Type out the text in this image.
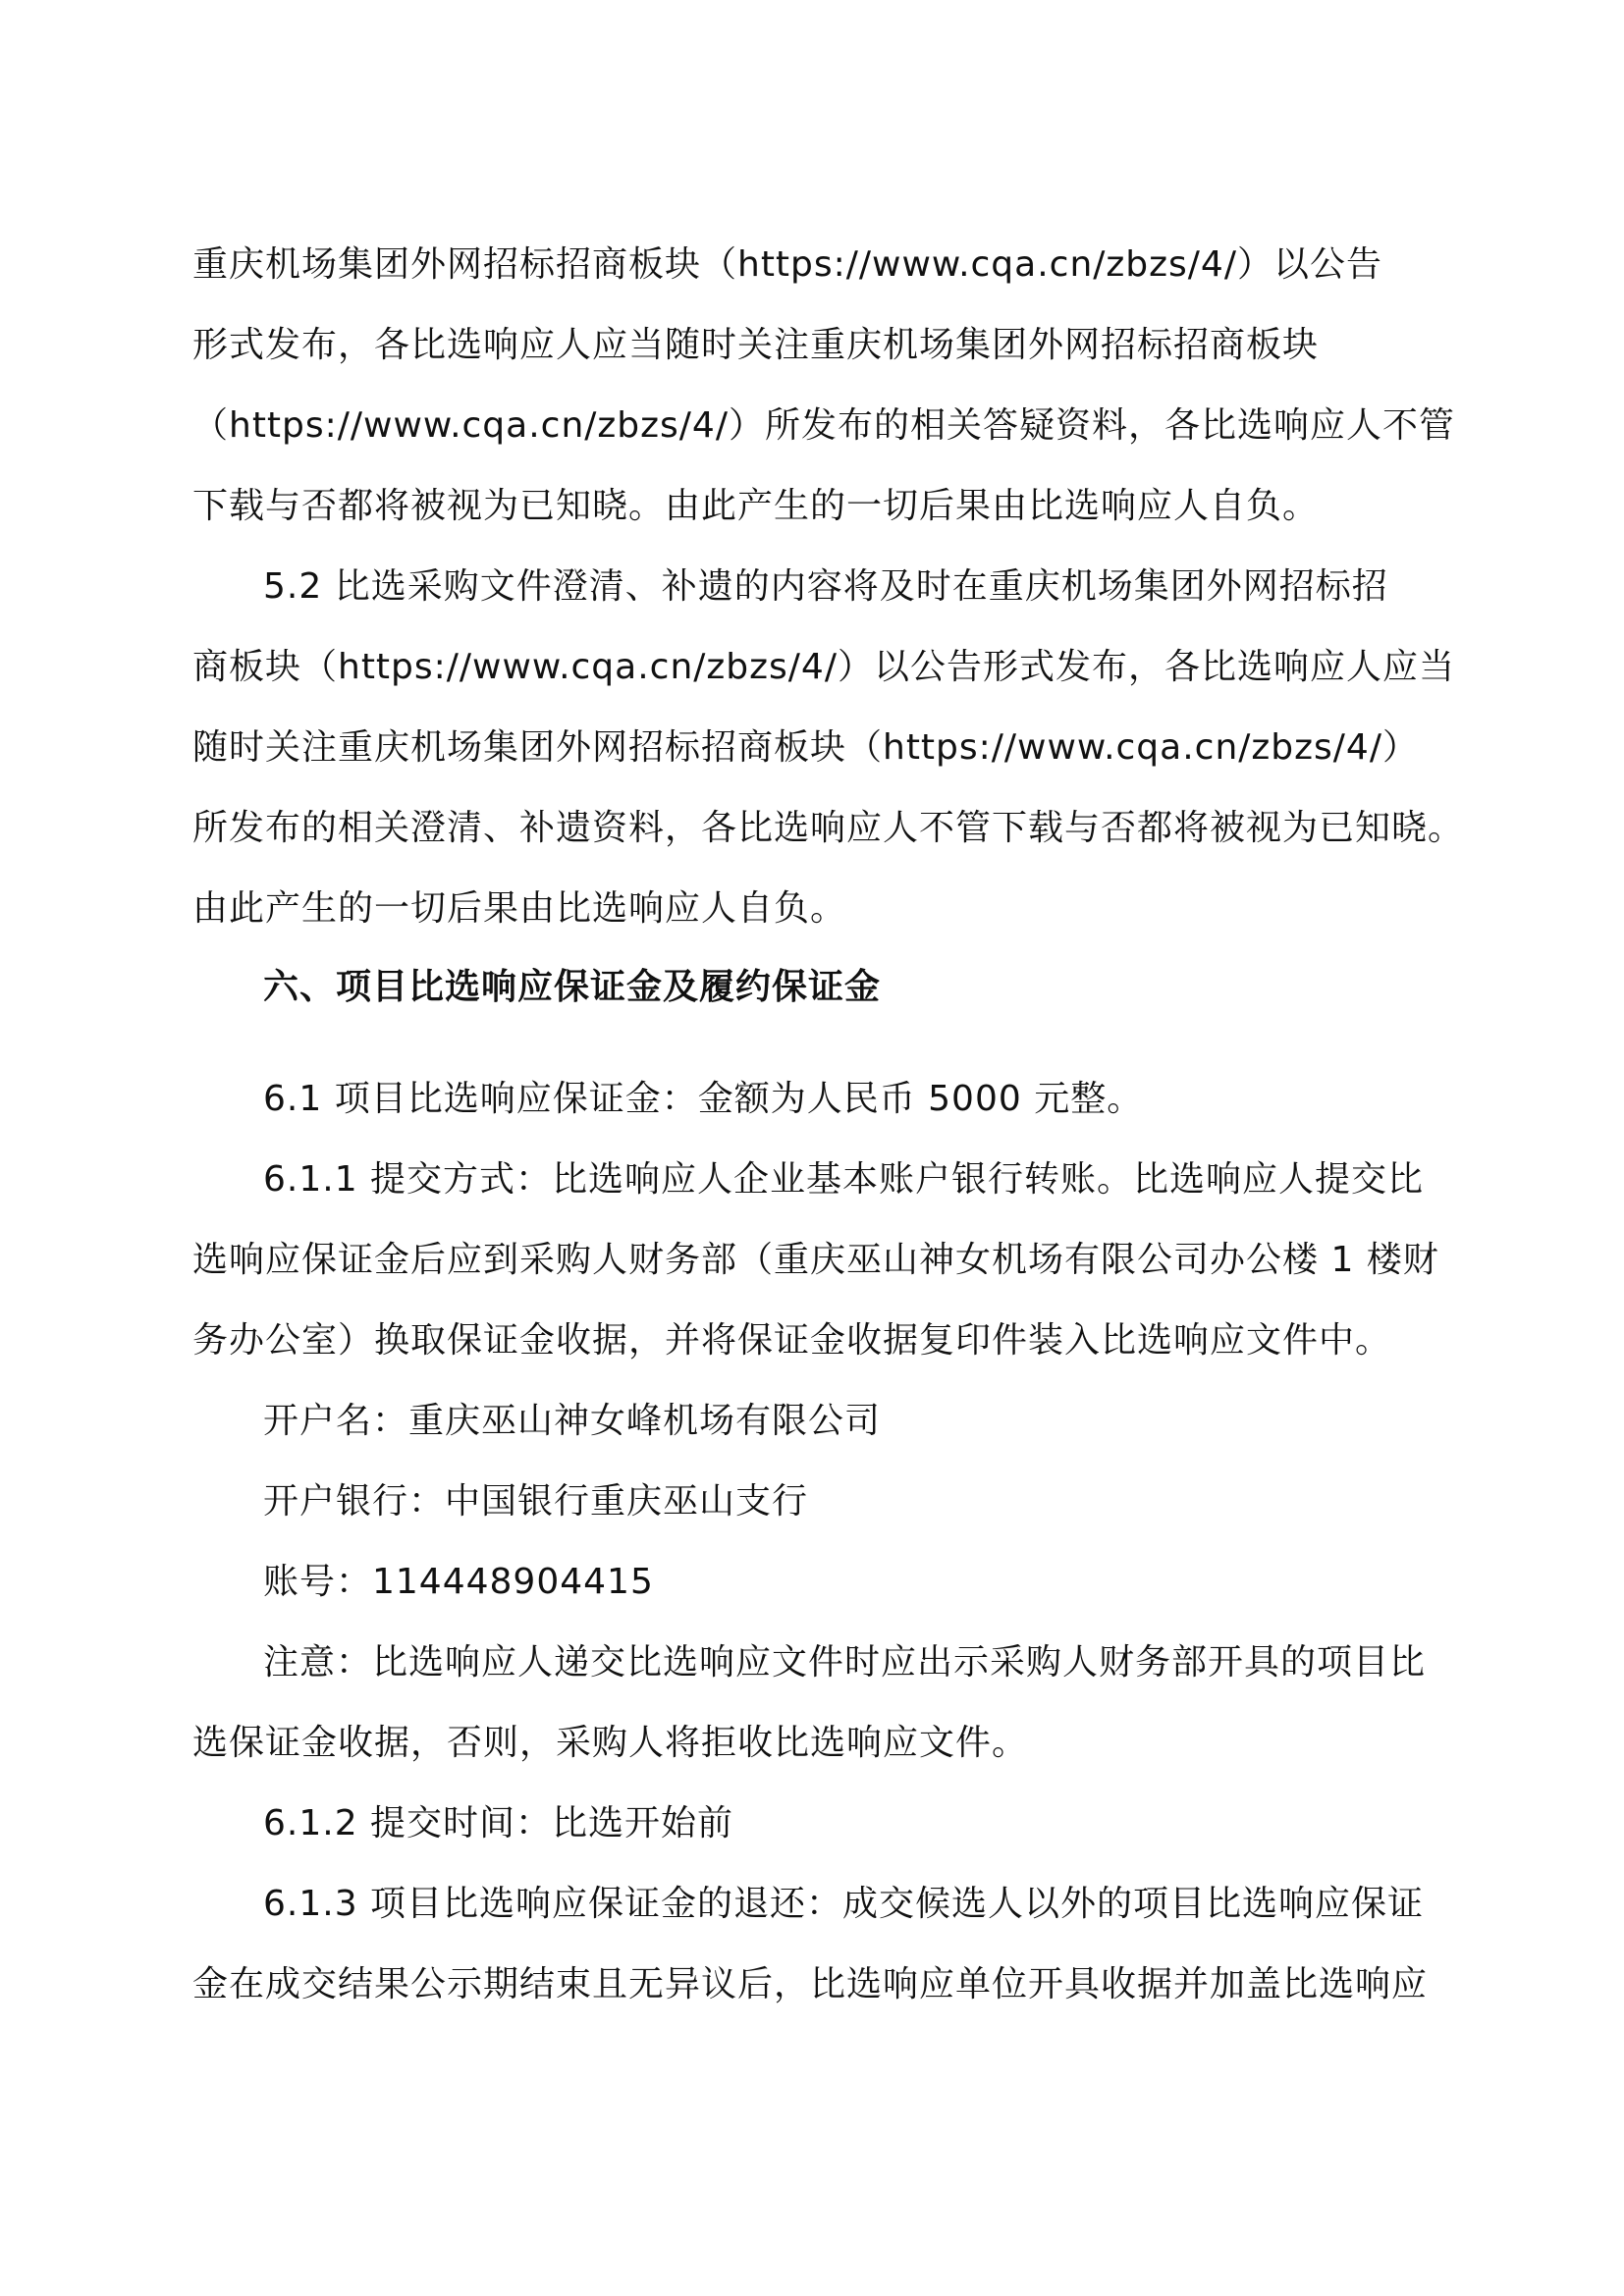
重庆机场集团外网招标招商板块（https://www.cqa.cn/zbzs/4/）以公告
形式发布，各比选响应人应当随时关注重庆机场集团外网招标招商板块
（https://www.cqa.cn/zbzs/4/）所发布的相关答疑资料，各比选响应人不管
下载与否都将被视为已知晓。由此产生的一切后果由比选响应人自负。
5.2 比选采购文件澄清、补遗的内容将及时在重庆机场集团外网招标招
商板块（https://www.cqa.cn/zbzs/4/）以公告形式发布，各比选响应人应当
随时关注重庆机场集团外网招标招商板块（https://www.cqa.cn/zbzs/4/）
所发布的相关澄清、补遗资料，各比选响应人不管下载与否都将被视为已知晓。
由此产生的一切后果由比选响应人自负。
六、项目比选响应保证金及履约保证金
6.1 项目比选响应保证金：金额为人民币 5000 元整。
6.1.1 提交方式：比选响应人企业基本账户银行转账。比选响应人提交比
选响应保证金后应到采购人财务部（重庆巫山神女机场有限公司办公楼 1 楼财
务办公室）换取保证金收据，并将保证金收据复印件装入比选响应文件中。
开户名：重庆巫山神女峰机场有限公司
开户银行：中国银行重庆巫山支行
账号：114448904415
注意：比选响应人递交比选响应文件时应出示采购人财务部开具的项目比
选保证金收据，否则，采购人将拒收比选响应文件。
6.1.2 提交时间：比选开始前
6.1.3 项目比选响应保证金的退还：成交候选人以外的项目比选响应保证
金在成交结果公示期结束且无异议后，比选响应单位开具收据并加盖比选响应
